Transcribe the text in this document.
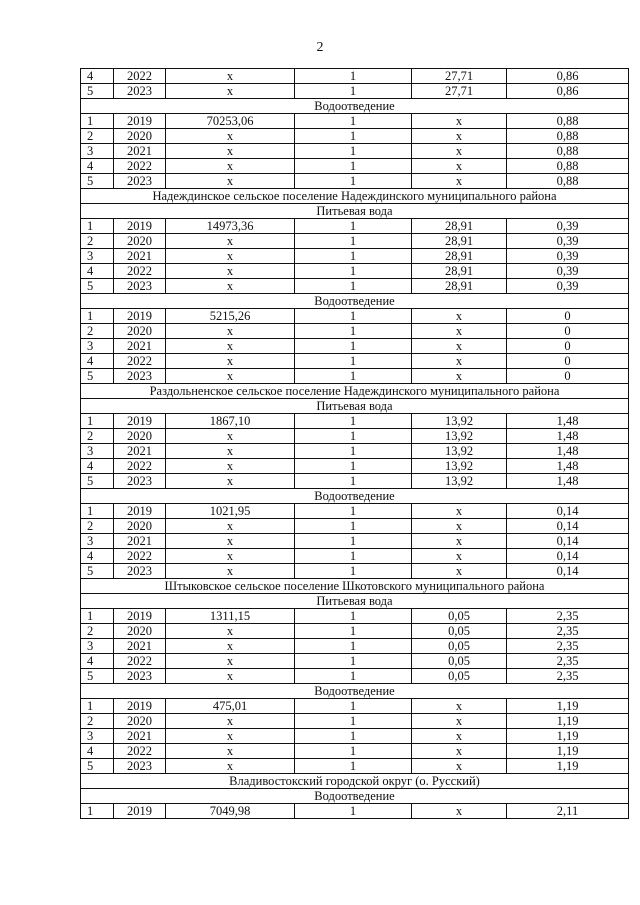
2
4	2022	x	1	27,71	0,86
5	2023	x	1	27,71	0,86
Водоотведение					
1	2019	70253,06	1	x	0,88
2	2020	x	1	x	0,88
3	2021	x	1	x	0,88
4	2022	x	1	x	0,88
5	2023	x	1	x	0,88
Надеждинское сельское поселение Надеждинского муниципального района					
Питьевая вода					
1	2019	14973,36	1	28,91	0,39
2	2020	x	1	28,91	0,39
3	2021	x	1	28,91	0,39
4	2022	x	1	28,91	0,39
5	2023	x	1	28,91	0,39
Водоотведение					
1	2019	5215,26	1	x	0
2	2020	x	1	x	0
3	2021	x	1	x	0
4	2022	x	1	x	0
5	2023	x	1	x	0
Раздольненское сельское поселение Надеждинского муниципального района					
Питьевая вода					
1	2019	1867,10	1	13,92	1,48
2	2020	x	1	13,92	1,48
3	2021	x	1	13,92	1,48
4	2022	x	1	13,92	1,48
5	2023	x	1	13,92	1,48
Водоотведение					
1	2019	1021,95	1	x	0,14
2	2020	x	1	x	0,14
3	2021	x	1	x	0,14
4	2022	x	1	x	0,14
5	2023	x	1	x	0,14
Штыковское сельское поселение Шкотовского муниципального района					
Питьевая вода					
1	2019	1311,15	1	0,05	2,35
2	2020	x	1	0,05	2,35
3	2021	x	1	0,05	2,35
4	2022	x	1	0,05	2,35
5	2023	x	1	0,05	2,35
Водоотведение					
1	2019	475,01	1	x	1,19
2	2020	x	1	x	1,19
3	2021	x	1	x	1,19
4	2022	x	1	x	1,19
5	2023	x	1	x	1,19
Владивостокский городской округ (о. Русский)					
Водоотведение					
1	2019	7049,98	1	x	2,11
